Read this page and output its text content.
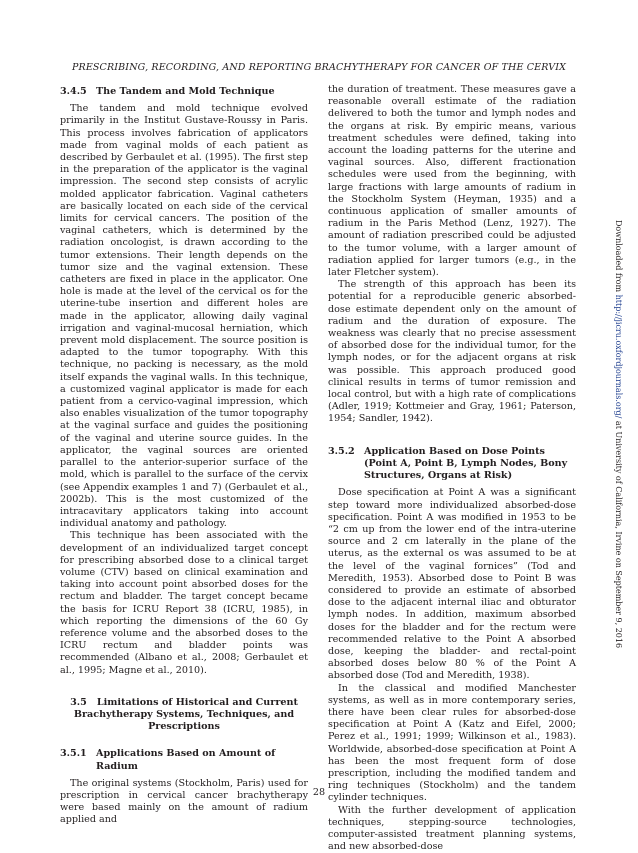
PRESCRIBING, RECORDING, AND REPORTING BRACHYTHERAPY FOR CANCER OF THE CERVIX
3.4.5 The Tandem and Mold Technique

The tandem and mold technique evolved primarily in the Institut Gustave-Roussy in Paris. This process involves fabrication of applicators made from vaginal molds of each patient as described by Gerbaulet et al. (1995). The first step in the preparation of the applicator is the vaginal impression. The second step consists of acrylic molded applicator fabrication. Vaginal catheters are basically located on each side of the cervical limits for cervical cancers. The position of the vaginal catheters, which is determined by the radiation oncologist, is drawn according to the tumor extensions. Their length depends on the tumor size and the vaginal extension. These catheters are fixed in place in the applicator. One hole is made at the level of the cervical os for the uterine-tube insertion and different holes are made in the applicator, allowing daily vaginal irrigation and vaginal-mucosal herniation, which prevent mold displacement. The source position is adapted to the tumor topography. With this technique, no packing is necessary, as the mold itself expands the vaginal walls. In this technique, a customized vaginal applicator is made for each patient from a cervico-vaginal impression, which also enables visualization of the tumor topography at the vaginal surface and guides the positioning of the vaginal and uterine source guides. In the applicator, the vaginal sources are oriented parallel to the anterior-superior surface of the mold, which is parallel to the surface of the cervix (see Appendix examples 1 and 7) (Gerbaulet et al., 2002b). This is the most customized of the intracavitary applicators taking into account individual anatomy and pathology.

This technique has been associated with the development of an individualized target concept for prescribing absorbed dose to a clinical target volume (CTV) based on clinical examination and taking into account point absorbed doses for the rectum and bladder. The target concept became the basis for ICRU Report 38 (ICRU, 1985), in which reporting the dimensions of the 60 Gy reference volume and the absorbed doses to the ICRU rectum and bladder points was recommended (Albano et al., 2008; Gerbaulet et al., 1995; Magne et al., 2010).

3.5 Limitations of Historical and Current Brachytherapy Systems, Techniques, and Prescriptions
3.5.1 Applications Based on Amount of Radium

The original systems (Stockholm, Paris) used for prescription in cervical cancer brachytherapy were based mainly on the amount of radium applied and

the duration of treatment. These measures gave a reasonable overall estimate of the radiation delivered to both the tumor and lymph nodes and the organs at risk. By empiric means, various treatment schedules were defined, taking into account the loading patterns for the uterine and vaginal sources. Also, different fractionation schedules were used from the beginning, with large fractions with large amounts of radium in the Stockholm System (Heyman, 1935) and a continuous application of smaller amounts of radium in the Paris Method (Lenz, 1927). The amount of radiation prescribed could be adjusted to the tumor volume, with a larger amount of radiation applied for larger tumors (e.g., in the later Fletcher system).

The strength of this approach has been its potential for a reproducible generic absorbed-dose estimate dependent only on the amount of radium and the duration of exposure. The weakness was clearly that no precise assessment of absorbed dose for the individual tumor, for the lymph nodes, or for the adjacent organs at risk was possible. This approach produced good clinical results in terms of tumor remission and local control, but with a high rate of complications (Adler, 1919; Kottmeier and Gray, 1961; Paterson, 1954; Sandler, 1942).

3.5.2 Application Based on Dose Points (Point A, Point B, Lymph Nodes, Bony Structures, Organs at Risk)

Dose specification at Point A was a significant step toward more individualized absorbed-dose specification. Point A was modified in 1953 to be “2 cm up from the lower end of the intra-uterine source and 2 cm laterally in the plane of the uterus, as the external os was assumed to be at the level of the vaginal fornices” (Tod and Meredith, 1953). Absorbed dose to Point B was considered to provide an estimate of absorbed dose to the adjacent internal iliac and obturator lymph nodes. In addition, maximum absorbed doses for the bladder and for the rectum were recommended relative to the Point A absorbed dose, keeping the bladder- and rectal-point absorbed doses below 80 % of the Point A absorbed dose (Tod and Meredith, 1938).

In the classical and modified Manchester systems, as well as in more contemporary series, there have been clear rules for absorbed-dose specification at Point A (Katz and Eifel, 2000; Perez et al., 1991; 1999; Wilkinson et al., 1983). Worldwide, absorbed-dose specification at Point A has been the most frequent form of dose prescription, including the modified tandem and ring techniques (Stockholm) and the tandem cylinder techniques.

With the further development of application techniques, stepping-source technologies, computer-assisted treatment planning systems, and new absorbed-dose

28
Downloaded from http://jicru.oxfordjournals.org/ at University of California, Irvine on September 9, 2016
